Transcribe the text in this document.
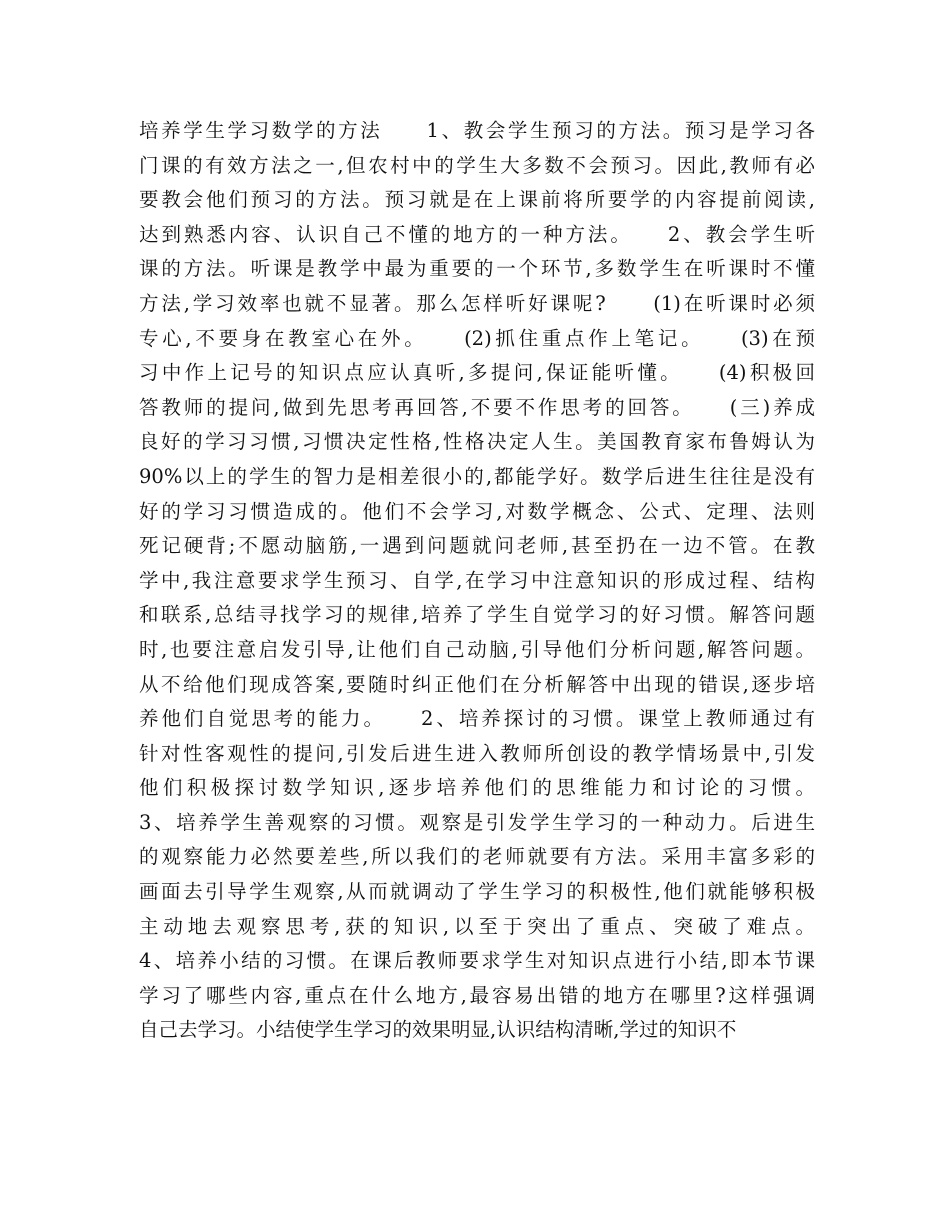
培养学生学习数学的方法　　1、教会学生预习的方法。预习是学习各
门课的有效方法之一,但农村中的学生大多数不会预习。因此,教师有必
要教会他们预习的方法。预习就是在上课前将所要学的内容提前阅读,
达到熟悉内容、认识自己不懂的地方的一种方法。　　2、教会学生听
课的方法。听课是教学中最为重要的一个环节,多数学生在听课时不懂
方法,学习效率也就不显著。那么怎样听好课呢?　　(1)在听课时必须
专心,不要身在教室心在外。　　(2)抓住重点作上笔记。　　(3)在预
习中作上记号的知识点应认真听,多提问,保证能听懂。　　(4)积极回
答教师的提问,做到先思考再回答,不要不作思考的回答。　　(三)养成
良好的学习习惯,习惯决定性格,性格决定人生。美国教育家布鲁姆认为
90%以上的学生的智力是相差很小的,都能学好。数学后进生往往是没有
好的学习习惯造成的。他们不会学习,对数学概念、公式、定理、法则
死记硬背;不愿动脑筋,一遇到问题就问老师,甚至扔在一边不管。在教
学中,我注意要求学生预习、自学,在学习中注意知识的形成过程、结构
和联系,总结寻找学习的规律,培养了学生自觉学习的好习惯。解答问题
时,也要注意启发引导,让他们自己动脑,引导他们分析问题,解答问题。
从不给他们现成答案,要随时纠正他们在分析解答中出现的错误,逐步培
养他们自觉思考的能力。　　2、培养探讨的习惯。课堂上教师通过有
针对性客观性的提问,引发后进生进入教师所创设的教学情场景中,引发
他们积极探讨数学知识,逐步培养他们的思维能力和讨论的习惯。
3、培养学生善观察的习惯。观察是引发学生学习的一种动力。后进生
的观察能力必然要差些,所以我们的老师就要有方法。采用丰富多彩的
画面去引导学生观察,从而就调动了学生学习的积极性,他们就能够积极
主动地去观察思考,获的知识,以至于突出了重点、突破了难点。
4、培养小结的习惯。在课后教师要求学生对知识点进行小结,即本节课
学习了哪些内容,重点在什么地方,最容易出错的地方在哪里?这样强调
自己去学习。小结使学生学习的效果明显,认识结构清晰,学过的知识不
